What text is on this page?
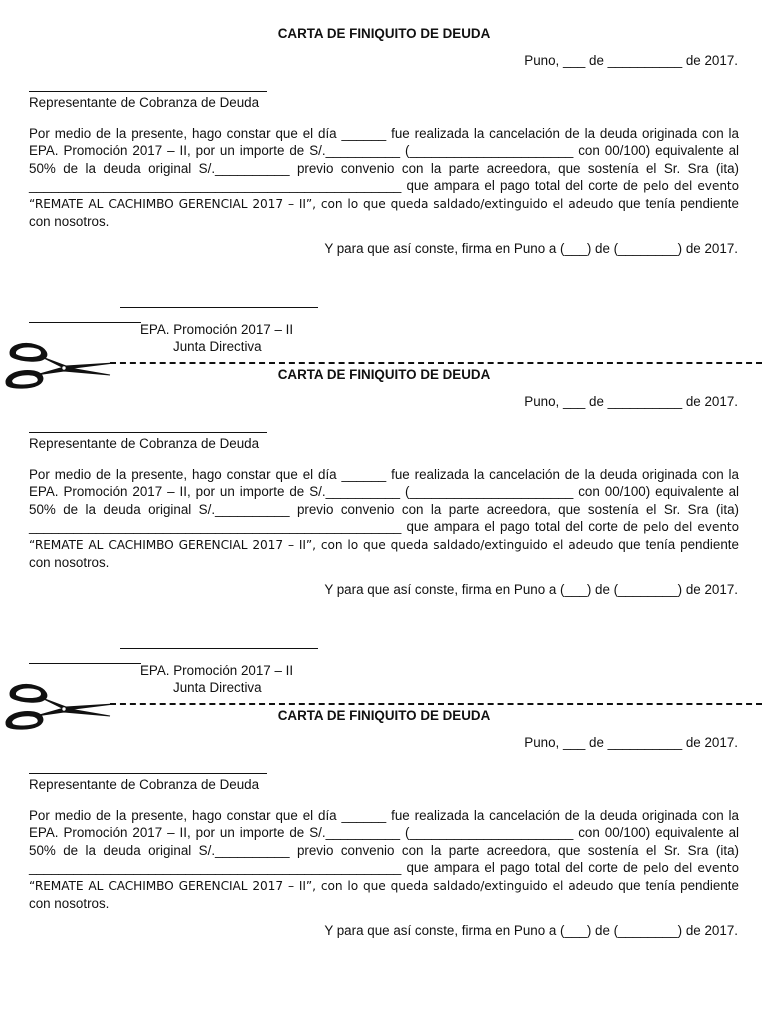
CARTA DE FINIQUITO DE DEUDA
Puno, ___ de __________ de 2017.
Representante de Cobranza de Deuda

Por medio de la presente, hago constar que el día ______ fue realizada la cancelación de la deuda originada con la EPA. Promoción 2017 – II, por un importe de S/.__________ (______________________ con 00/100) equivalente al 50% de la deuda original S/.__________ previo convenio con la parte acreedora, que sostenía el Sr. Sra (ita) __________________________________________________ que ampara el pago total del corte de pelo del evento “REMATE AL CACHIMBO GERENCIAL 2017 – II”, con lo que queda saldado/extinguido el adeudo que tenía pendiente con nosotros.

Y para que así conste, firma en Puno a (___) de (________) de 2017.
EPA. Promoción 2017 – II
Junta Directiva
CARTA DE FINIQUITO DE DEUDA
Puno, ___ de __________ de 2017.
Representante de Cobranza de Deuda

Por medio de la presente, hago constar que el día ______ fue realizada la cancelación de la deuda originada con la EPA. Promoción 2017 – II, por un importe de S/.__________ (______________________ con 00/100) equivalente al 50% de la deuda original S/.__________ previo convenio con la parte acreedora, que sostenía el Sr. Sra (ita) __________________________________________________ que ampara el pago total del corte de pelo del evento “REMATE AL CACHIMBO GERENCIAL 2017 – II”, con lo que queda saldado/extinguido el adeudo que tenía pendiente con nosotros.

Y para que así conste, firma en Puno a (___) de (________) de 2017.
EPA. Promoción 2017 – II
Junta Directiva
CARTA DE FINIQUITO DE DEUDA
Puno, ___ de __________ de 2017.
Representante de Cobranza de Deuda

Por medio de la presente, hago constar que el día ______ fue realizada la cancelación de la deuda originada con la EPA. Promoción 2017 – II, por un importe de S/.__________ (______________________ con 00/100) equivalente al 50% de la deuda original S/.__________ previo convenio con la parte acreedora, que sostenía el Sr. Sra (ita) __________________________________________________ que ampara el pago total del corte de pelo del evento “REMATE AL CACHIMBO GERENCIAL 2017 – II”, con lo que queda saldado/extinguido el adeudo que tenía pendiente con nosotros.

Y para que así conste, firma en Puno a (___) de (________) de 2017.
